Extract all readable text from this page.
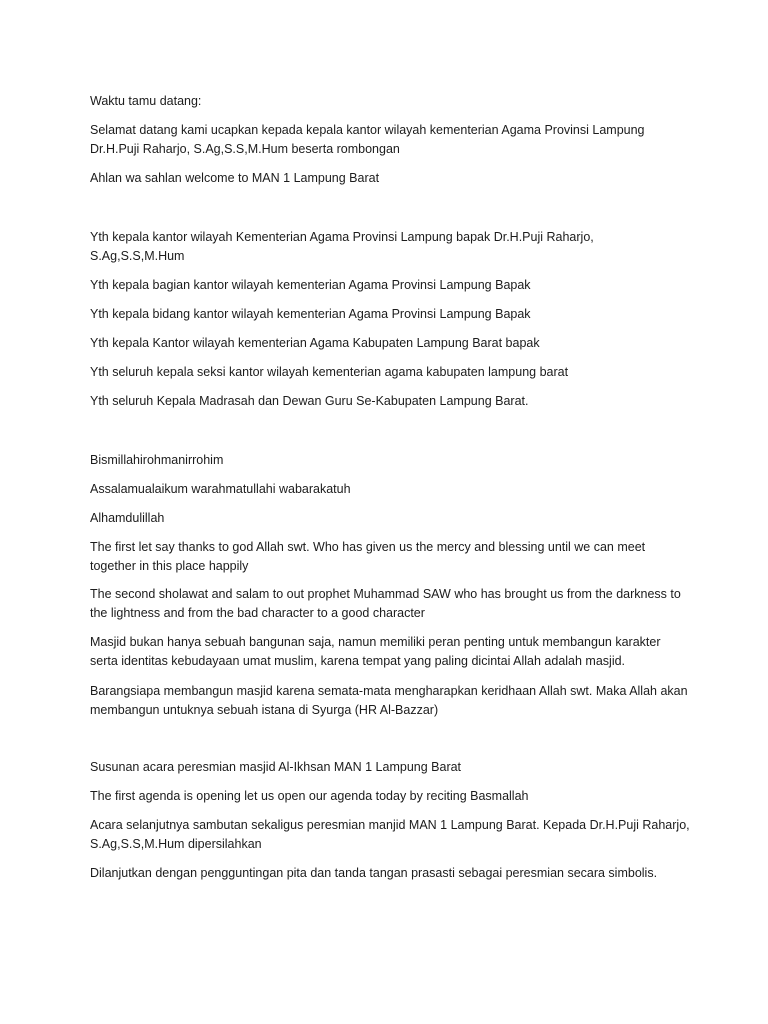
Waktu tamu datang:

Selamat datang kami ucapkan kepada kepala kantor wilayah kementerian Agama Provinsi Lampung Dr.H.Puji Raharjo, S.Ag,S.S,M.Hum beserta rombongan

Ahlan wa sahlan welcome to MAN 1 Lampung Barat

Yth kepala kantor wilayah Kementerian Agama Provinsi Lampung bapak Dr.H.Puji Raharjo, S.Ag,S.S,M.Hum

Yth kepala bagian kantor wilayah kementerian Agama Provinsi Lampung Bapak

Yth kepala bidang kantor wilayah kementerian Agama Provinsi Lampung Bapak

Yth kepala Kantor wilayah kementerian Agama Kabupaten Lampung Barat bapak

Yth seluruh kepala seksi kantor wilayah kementerian agama kabupaten lampung barat

Yth seluruh Kepala Madrasah dan Dewan Guru Se-Kabupaten Lampung Barat.

Bismillahirohmanirrohim

Assalamualaikum warahmatullahi wabarakatuh

Alhamdulillah

The first let say thanks to god Allah swt. Who has given us the mercy and blessing until we can meet together in this place happily

The second sholawat and salam to out prophet Muhammad SAW who has brought us from the darkness to the lightness and from the bad character to a good character

Masjid bukan hanya sebuah bangunan saja, namun memiliki peran penting untuk membangun karakter serta identitas kebudayaan umat muslim, karena tempat yang paling dicintai Allah adalah masjid.

Barangsiapa membangun masjid karena semata-mata mengharapkan keridhaan Allah swt. Maka Allah akan membangun untuknya sebuah istana di Syurga (HR Al-Bazzar)

Susunan acara peresmian masjid Al-Ikhsan MAN 1 Lampung Barat

The first agenda is opening let us open our agenda today by reciting Basmallah

Acara selanjutnya sambutan sekaligus peresmian manjid MAN 1 Lampung Barat. Kepada Dr.H.Puji Raharjo, S.Ag,S.S,M.Hum dipersilahkan

Dilanjutkan dengan pengguntingan pita dan tanda tangan prasasti sebagai peresmian secara simbolis.
